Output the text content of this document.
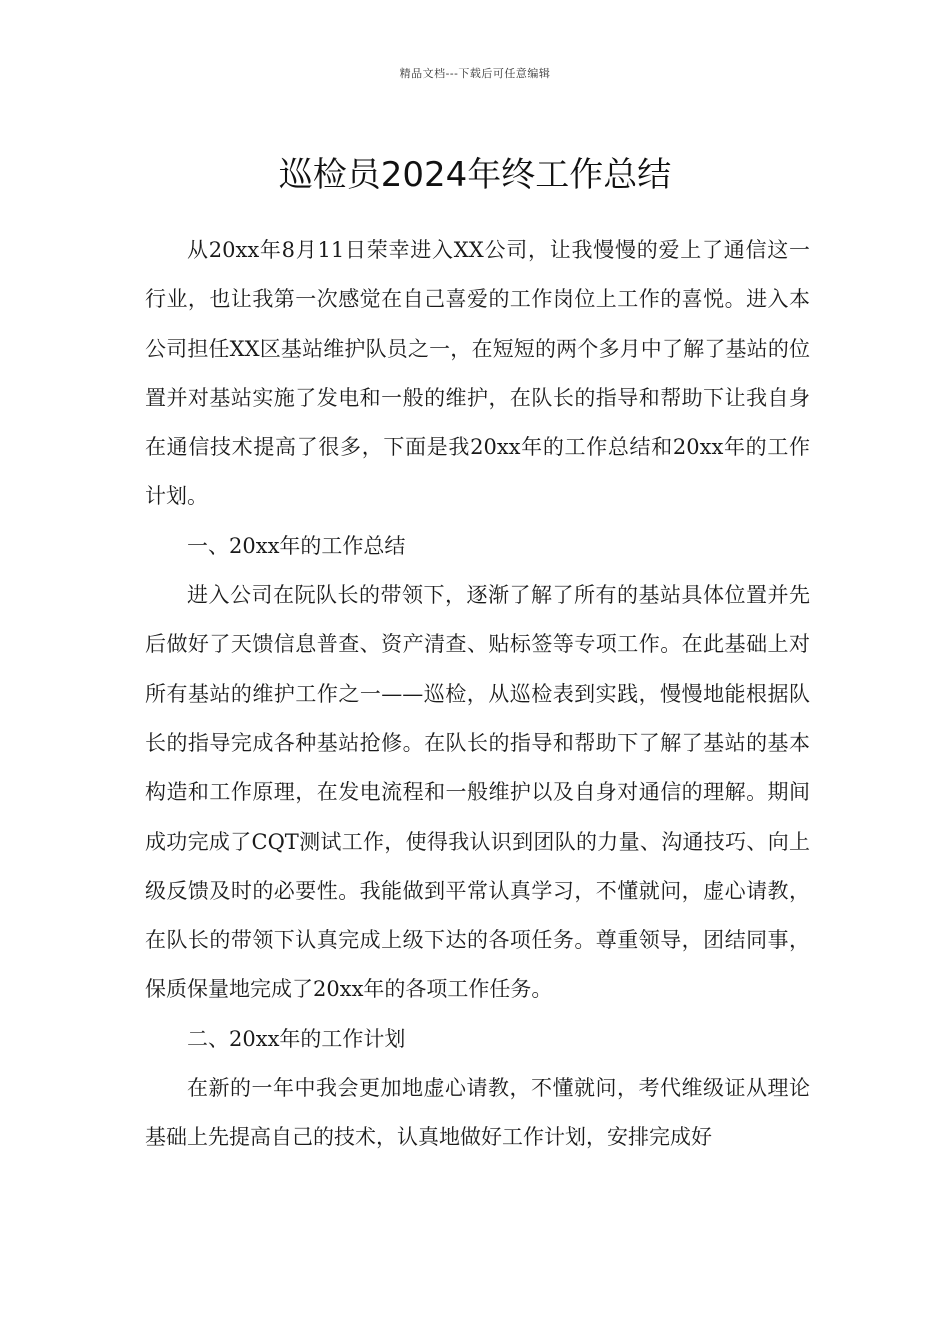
精品文档---下载后可任意编辑
巡检员2024年终工作总结

从20xx年8月11日荣幸进入XX公司，让我慢慢的爱上了通信这一行业，也让我第一次感觉在自己喜爱的工作岗位上工作的喜悦。进入本公司担任XX区基站维护队员之一，在短短的两个多月中了解了基站的位置并对基站实施了发电和一般的维护，在队长的指导和帮助下让我自身在通信技术提高了很多，下面是我20xx年的工作总结和20xx年的工作计划。

一、20xx年的工作总结

进入公司在阮队长的带领下，逐渐了解了所有的基站具体位置并先后做好了天馈信息普查、资产清查、贴标签等专项工作。在此基础上对所有基站的维护工作之一——巡检，从巡检表到实践，慢慢地能根据队长的指导完成各种基站抢修。在队长的指导和帮助下了解了基站的基本构造和工作原理，在发电流程和一般维护以及自身对通信的理解。期间成功完成了CQT测试工作，使得我认识到团队的力量、沟通技巧、向上级反馈及时的必要性。我能做到平常认真学习，不懂就问，虚心请教，在队长的带领下认真完成上级下达的各项任务。尊重领导，团结同事，保质保量地完成了20xx年的各项工作任务。

二、20xx年的工作计划

在新的一年中我会更加地虚心请教，不懂就问，考代维级证从理论基础上先提高自己的技术，认真地做好工作计划，安排完成好
